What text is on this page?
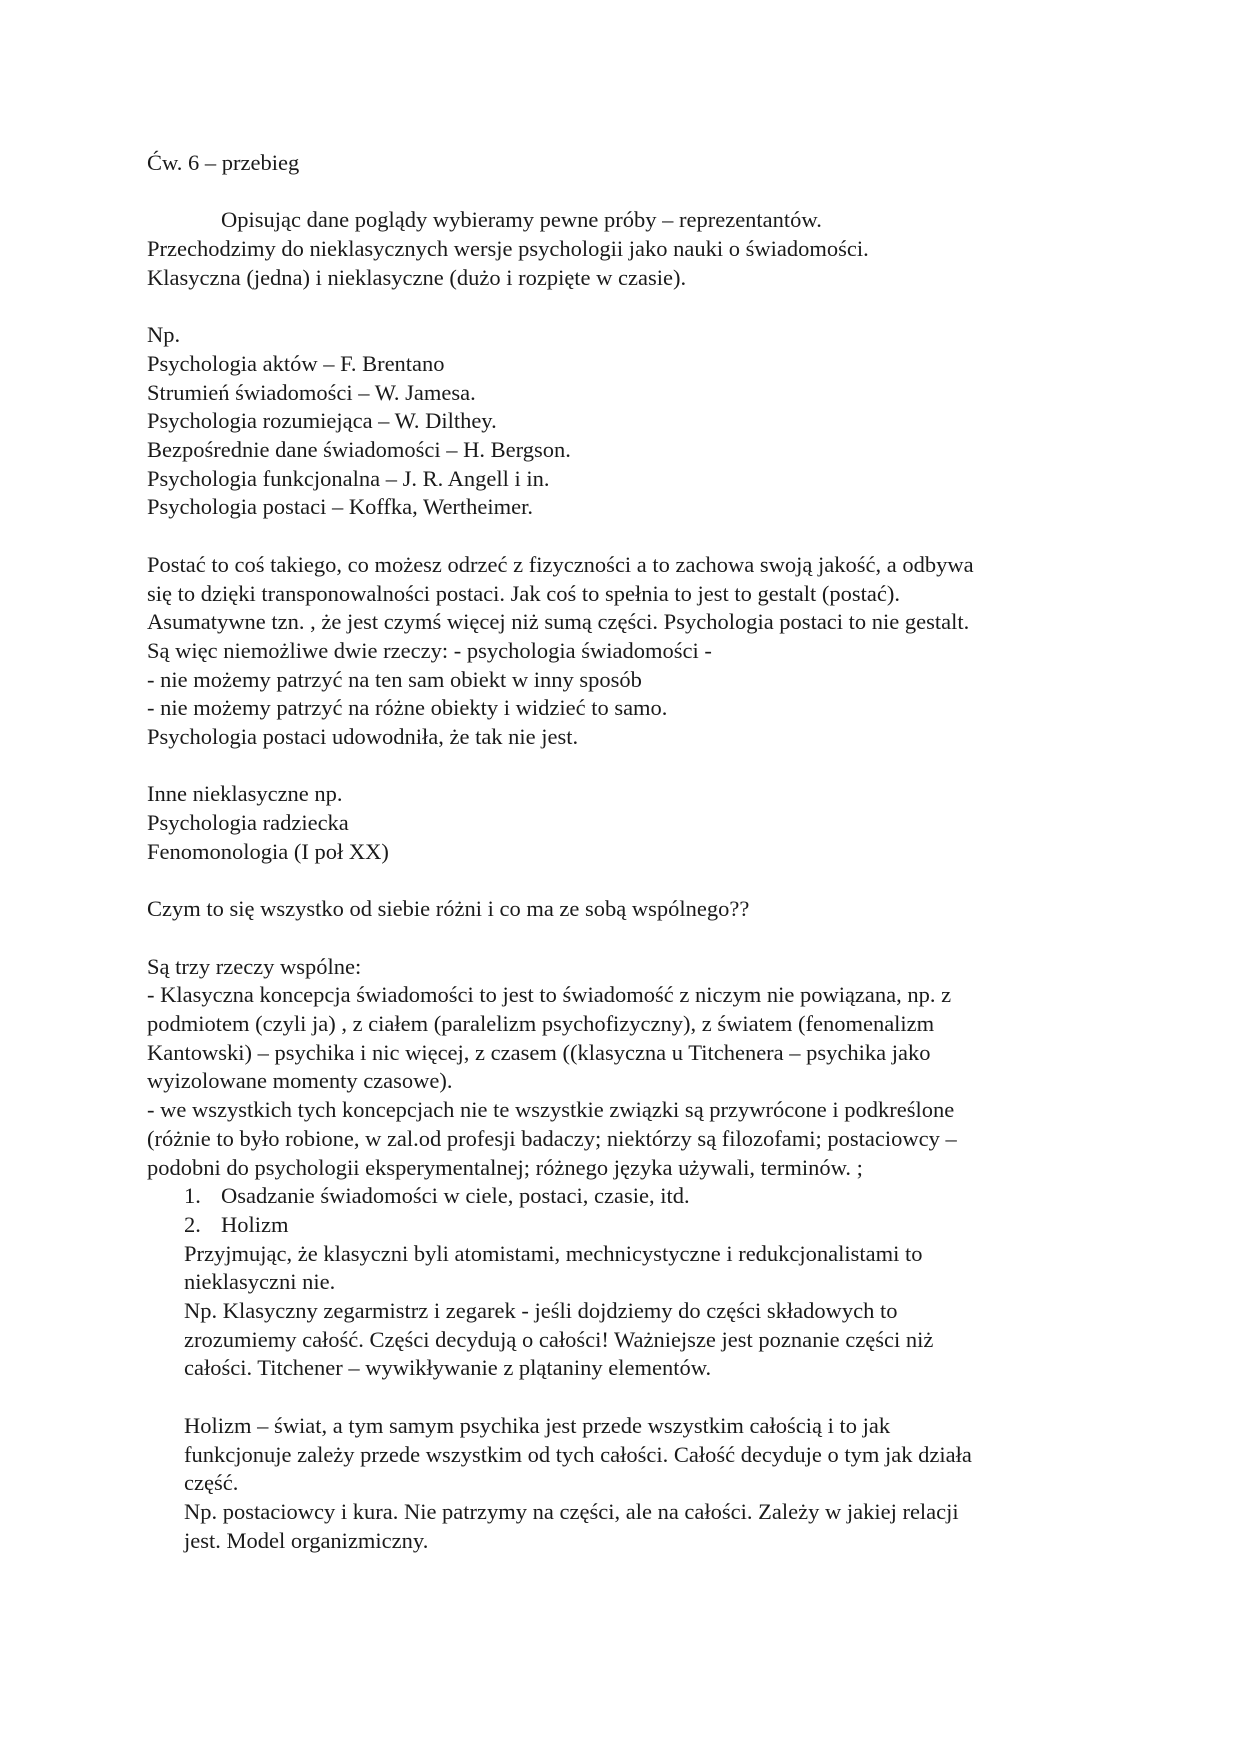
Ćw. 6 – przebieg
Opisując dane poglądy wybieramy pewne próby – reprezentantów.
Przechodzimy do nieklasycznych wersje psychologii jako nauki o świadomości.
Klasyczna (jedna) i nieklasyczne (dużo i rozpięte w czasie).
Np.
Psychologia aktów – F. Brentano
Strumień świadomości – W. Jamesa.
Psychologia rozumiejąca – W. Dilthey.
Bezpośrednie dane świadomości – H. Bergson.
Psychologia funkcjonalna – J. R. Angell i in.
Psychologia postaci – Koffka, Wertheimer.
Postać to coś takiego, co możesz odrzeć z fizyczności a to zachowa swoją jakość, a odbywa
się to dzięki transponowalności postaci. Jak coś to spełnia to jest to gestalt (postać).
Asumatywne tzn. , że jest czymś więcej niż sumą części. Psychologia postaci to nie gestalt.
Są więc niemożliwe dwie rzeczy: - psychologia świadomości -
- nie możemy patrzyć na ten sam obiekt w inny sposób
- nie możemy patrzyć na różne obiekty i widzieć to samo.
Psychologia postaci udowodniła, że tak nie jest.
Inne nieklasyczne np.
Psychologia radziecka
Fenomonologia (I poł XX)
Czym to się wszystko od siebie różni i co ma ze sobą wspólnego??
Są trzy rzeczy wspólne:
- Klasyczna koncepcja świadomości to jest to świadomość z niczym nie powiązana, np. z
podmiotem (czyli ja) , z ciałem (paralelizm psychofizyczny), z światem (fenomenalizm
Kantowski) – psychika i nic więcej, z czasem ((klasyczna u Titchenera – psychika jako
wyizolowane momenty czasowe).
- we wszystkich tych koncepcjach nie te wszystkie związki są przywrócone i podkreślone
(różnie to było robione, w zal.od profesji badaczy; niektórzy są filozofami; postaciowcy –
podobni do psychologii eksperymentalnej; różnego języka używali, terminów. ;
1. Osadzanie świadomości w ciele, postaci, czasie, itd.
2. Holizm
Przyjmując, że klasyczni byli atomistami, mechnicystyczne i redukcjonalistami to
nieklasyczni nie.
Np. Klasyczny zegarmistrz i zegarek - jeśli dojdziemy do części składowych to
zrozumiemy całość. Części decydują o całości! Ważniejsze jest poznanie części niż
całości. Titchener – wywikływanie z plątaniny elementów.
Holizm – świat, a tym samym psychika jest przede wszystkim całością i to jak
funkcjonuje zależy przede wszystkim od tych całości. Całość decyduje o tym jak działa
część.
Np. postaciowcy i kura. Nie patrzymy na części, ale na całości. Zależy w jakiej relacji
jest. Model organizmiczny.
